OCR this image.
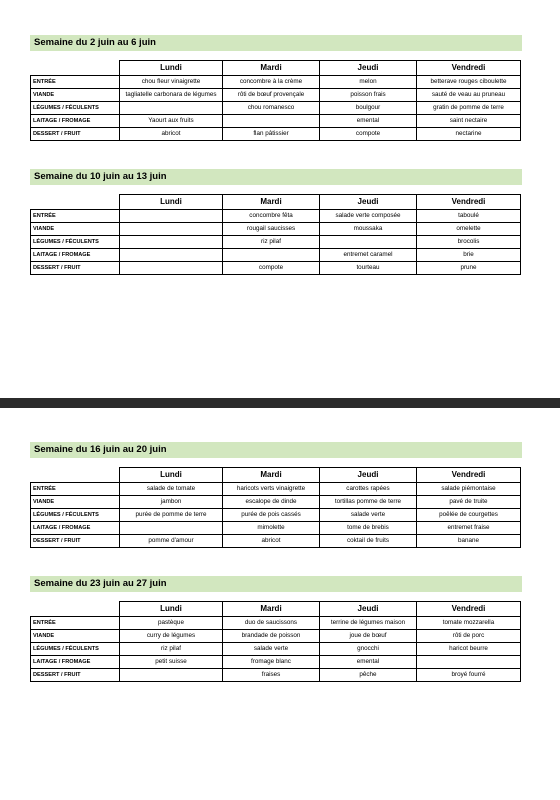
Semaine du 2 juin au 6 juin
	Lundi	Mardi	Jeudi	Vendredi
ENTRÉE	chou fleur vinaigrette	concombre à la crème	melon	betterave rouges ciboulette
VIANDE	tagliatelle carbonara de légumes	rôti de bœuf provençale	poisson frais	sauté de veau au pruneau
LÉGUMES / FÉCULENTS		chou romanesco	boulgour	gratin de pomme de terre
LAITAGE / FROMAGE	Yaourt aux fruits		emental	saint nectaire
DESSERT / FRUIT	abricot	flan pâtissier	compote	nectarine
Semaine du 10 juin au 13 juin
	Lundi	Mardi	Jeudi	Vendredi
ENTRÉE		concombre fêta	salade verte composée	taboulé
VIANDE		rougail saucisses	moussaka	omelette
LÉGUMES / FÉCULENTS		riz pilaf		brocolis
LAITAGE / FROMAGE			entremet caramel	brie
DESSERT / FRUIT		compote	tourteau	prune
Semaine du 16 juin au 20 juin
	Lundi	Mardi	Jeudi	Vendredi
ENTRÉE	salade de tomate	haricots verts vinaigrette	carottes rapées	salade piémontaise
VIANDE	jambon	escalope de dinde	tortillas pomme de terre	pavé de truite
LÉGUMES / FÉCULENTS	purée de pomme de terre	purée de pois cassés	salade verte	poêlée de courgettes
LAITAGE / FROMAGE		mimolette	tome de brebis	entremet fraise
DESSERT / FRUIT	pomme d'amour	abricot	coktail de fruits	banane
Semaine du 23 juin au 27 juin
	Lundi	Mardi	Jeudi	Vendredi
ENTRÉE	pastèque	duo de saucissons	terrine de légumes maison	tomate mozzarella
VIANDE	curry de légumes	brandade de poisson	joue de bœuf	rôti de porc
LÉGUMES / FÉCULENTS	riz pilaf	salade verte	gnocchi	haricot beurre
LAITAGE / FROMAGE	petit suisse	fromage blanc	emental	
DESSERT / FRUIT		fraises	pêche	broyé fourré
